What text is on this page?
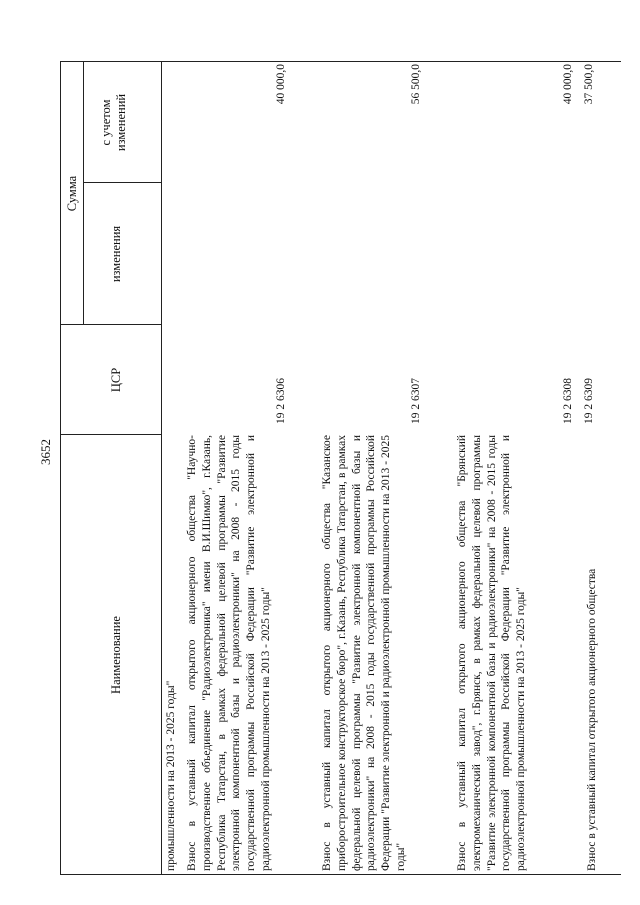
3652
Наименование
ЦСР
Сумма
изменения
с учетом
изменений
промышленности на 2013 - 2025 годы" Взнос в уставный капитал открытого акционерного общества "Научно-производственное объединение "Радиоэлектроника" имени В.И.Шимко", г.Казань, Республика Татарстан, в рамках федеральной целевой программы "Развитие электронной компонентной базы и радиоэлектроники" на 2008 - 2015 годы государственной программы Российской Федерации "Развитие электронной и радиоэлектронной промышленности на 2013 - 2025 годы"
19 2 6306
40 000,0
Взнос в уставный капитал открытого акционерного общества "Казанское приборостроительное конструкторское бюро", г.Казань, Республика Татарстан, в рамках федеральной целевой программы "Развитие электронной компонентной базы и радиоэлектроники" на 2008 - 2015 годы государственной программы Российской Федерации "Развитие электронной и радиоэлектронной промышленности на 2013 - 2025 годы"
19 2 6307
56 500,0
Взнос в уставный капитал открытого акционерного общества "Брянский электромеханический завод", г.Брянск, в рамках федеральной целевой программы "Развитие электронной компонентной базы и радиоэлектроники" на 2008 - 2015 годы государственной программы Российской Федерации "Развитие электронной и радиоэлектронной промышленности на 2013 - 2025 годы"
19 2 6308
40 000,0
Взнос в уставный капитал открытого акционерного общества
19 2 6309
37 500,0
